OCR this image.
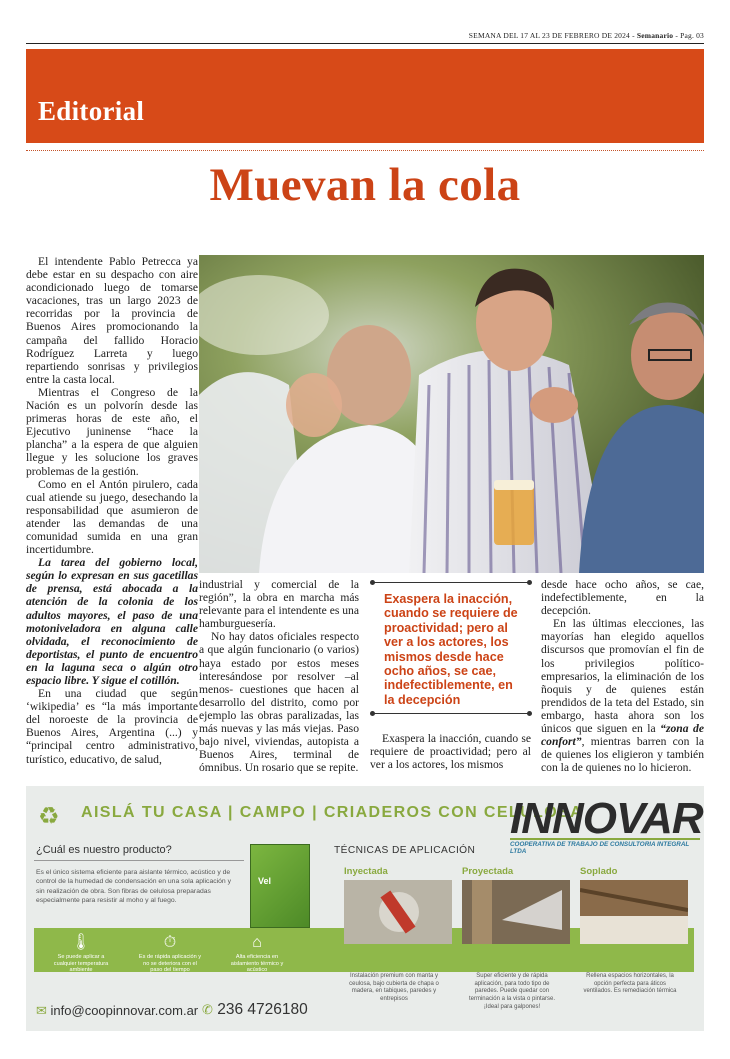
SEMANA DEL 17 AL 23 DE FEBRERO DE 2024 - Semanario - Pag. 03
Editorial
Muevan la cola

El intendente Pablo Petrecca ya debe estar en su despacho con aire acondicionado luego de tomarse vacaciones, tras un largo 2023 de recorridas por la provincia de Buenos Aires promocionando la campaña del fallido Horacio Rodríguez Larreta y luego repartiendo sonrisas y privilegios entre la casta local.

Mientras el Congreso de la Nación es un polvorín desde las primeras horas de este año, el Ejecutivo juninense “hace la plancha” a la espera de que alguien llegue y les solucione los graves problemas de la gestión.

Como en el Antón pirulero, cada cual atiende su juego, desechando la responsabilidad que asumieron de atender las demandas de una comunidad sumida en una gran incertidumbre.

La tarea del gobierno local, según lo expresan en sus gacetillas de prensa, está abocada a la atención de la colonia de los adultos mayores, el paso de una motoniveladora en alguna calle olvidada, el reconocimiento de deportistas, el punto de encuentro en la laguna seca o algún otro espacio libre. Y sigue el cotillón.

En una ciudad que según ‘wikipedia’ es “la más importante del noroeste de la provincia de Buenos Aires, Argentina (...) y “principal centro administrativo, turístico, educativo, de salud,

industrial y comercial de la región”, la obra en marcha más relevante para el intendente es una hamburguesería.

No hay datos oficiales respecto a que algún funcionario (o varios) haya estado por estos meses interesándose por resolver –al menos- cuestiones que hacen al desarrollo del distrito, como por ejemplo las obras paralizadas, las más nuevas y las más viejas. Paso bajo nivel, viviendas, autopista a Buenos Aires, terminal de ómnibus. Un rosario que se repite.

Exaspera la inacción, cuando se requiere de proactividad; pero al ver a los actores, los mismos desde hace ocho años, se cae, indefectiblemente, en la decepción

Exaspera la inacción, cuando se requiere de proactividad; pero al ver a los actores, los mismos

desde hace ocho años, se cae, indefectiblemente, en la decepción.

En las últimas elecciones, las mayorías han elegido aquellos discursos que promovían el fin de los privilegios político-empresarios, la eliminación de los ñoquis y de quienes están prendidos de la teta del Estado, sin embargo, hasta ahora son los únicos que siguen en la “zona de confort”, mientras barren con la de quienes los eligieron y también con la de quienes no lo hicieron.

♻ AISLÁ TU CASA | CAMPO | CRIADEROS CON CELULOSA
INNOVAR
COOPERATIVA DE TRABAJO DE CONSULTORIA INTEGRAL LTDA
¿Cuál es nuestro producto?
Es el único sistema eficiente para aislante térmico, acústico y de control de la humedad de condensación en una sola aplicación y sin realización de obra. Son fibras de celulosa preparadas especialmente para resistir al moho y al fuego.
Vel
TÉCNICAS DE APLICACIÓN
🌡
Se puede aplicar a cualquier temperatura ambiente
⏱
Es de rápida aplicación y no se deteriora con el paso del tiempo
⌂
Alta eficiencia en aislamiento térmico y acústico
Inyectada	Proyectada	Soplado
Instalación premium con manta y ceulosa, bajo cubierta de chapa o madera, en tabiques, paredes y entrepisos
Super eficiente y de rápida aplicación, para todo tipo de paredes. Puede quedar con terminación a la vista o pintarse. ¡Ideal para galpones!
Rellena espacios horizontales, la opción perfecta para áticos ventilados. Es remediación térmica
✉ info@coopinnovar.com.ar ✆ 236 4726180
